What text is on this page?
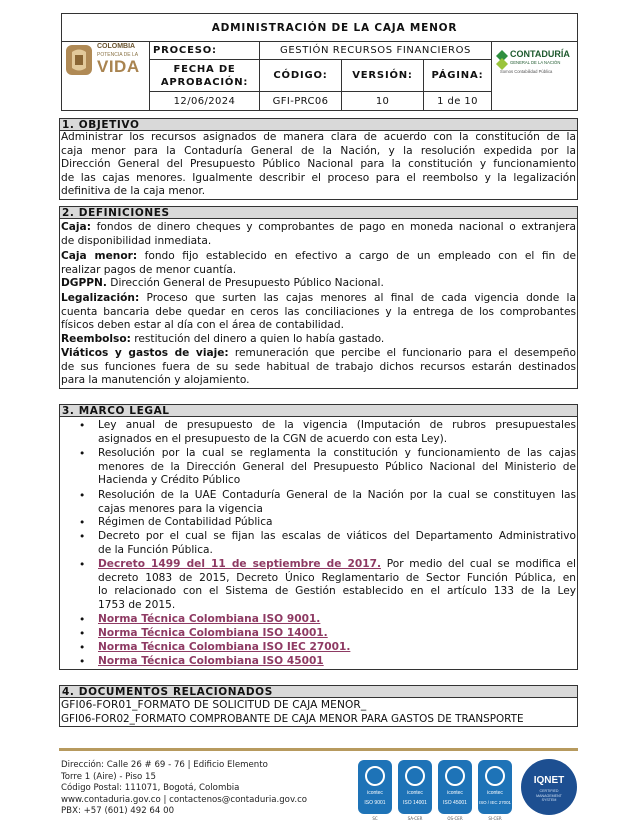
ADMINISTRACIÓN DE LA CAJA MENOR
PROCESO:	GESTIÓN RECURSOS FINANCIEROS
FECHA DE
APROBACIÓN:
CÓDIGO:	VERSIÓN:	PÁGINA:
12/06/2024	GFI-PRC06	10	1 de 10
COLOMBIA
POTENCIA DE LA
VIDA
CONTADURÍA
GENERAL DE LA NACIÓN
Somos Contabilidad Pública
1. OBJETIVO
Administrar los recursos asignados de manera clara de acuerdo con la constitución de la
caja menor para la Contaduría General de la Nación, y la resolución expedida por la
Dirección General del Presupuesto Público Nacional para la constitución y funcionamiento
de las cajas menores. Igualmente describir el proceso para el reembolso y la legalización
definitiva de la caja menor.
2. DEFINICIONES
Caja: fondos de dinero cheques y comprobantes de pago en moneda nacional o extranjera
de disponibilidad inmediata.
Caja menor: fondo fijo establecido en efectivo a cargo de un empleado con el fin de
realizar pagos de menor cuantía.
DGPPN. Dirección General de Presupuesto Público Nacional.
Legalización: Proceso que surten las cajas menores al final de cada vigencia donde la
cuenta bancaria debe quedar en ceros las conciliaciones y la entrega de los comprobantes
físicos deben estar al día con el área de contabilidad.
Reembolso: restitución del dinero a quien lo había gastado.
Viáticos y gastos de viaje: remuneración que percibe el funcionario para el desempeño
de sus funciones fuera de su sede habitual de trabajo dichos recursos estarán destinados
para la manutención y alojamiento.
3. MARCO LEGAL
• Ley anual de presupuesto de la vigencia (Imputación de rubros presupuestales
asignados en el presupuesto de la CGN de acuerdo con esta Ley).
• Resolución por la cual se reglamenta la constitución y funcionamiento de las cajas
menores de la Dirección General del Presupuesto Público Nacional del Ministerio de
Hacienda y Crédito Público
• Resolución de la UAE Contaduría General de la Nación por la cual se constituyen las
cajas menores para la vigencia
• Régimen de Contabilidad Pública
• Decreto por el cual se fijan las escalas de viáticos del Departamento Administrativo
de la Función Pública.
• Decreto 1499 del 11 de septiembre de 2017. Por medio del cual se modifica el
decreto 1083 de 2015, Decreto Único Reglamentario de Sector Función Pública, en
lo relacionado con el Sistema de Gestión establecido en el artículo 133 de la Ley
1753 de 2015.
• Norma Técnica Colombiana ISO 9001.
• Norma Técnica Colombiana ISO 14001.
• Norma Técnica Colombiana ISO IEC 27001.
• Norma Técnica Colombiana ISO 45001
4. DOCUMENTOS RELACIONADOS
GFI06-FOR01_FORMATO DE SOLICITUD DE CAJA MENOR_
GFI06-FOR02_FORMATO COMPROBANTE DE CAJA MENOR PARA GASTOS DE TRANSPORTE
Dirección: Calle 26 # 69 - 76 | Edificio Elemento
Torre 1 (Aire) - Piso 15
Código Postal: 111071, Bogotá, Colombia
www.contaduria.gov.co | contactenos@contaduria.gov.co
PBX: +57 (601) 492 64 00
icontec
ISO 9001
SC
icontec
ISO 14001
SA-CER
icontec
ISO 45001
OS-CER
icontec
ISO / IEC 27001
SI-CER
IQNET
CERTIFIED MANAGEMENT SYSTEM
